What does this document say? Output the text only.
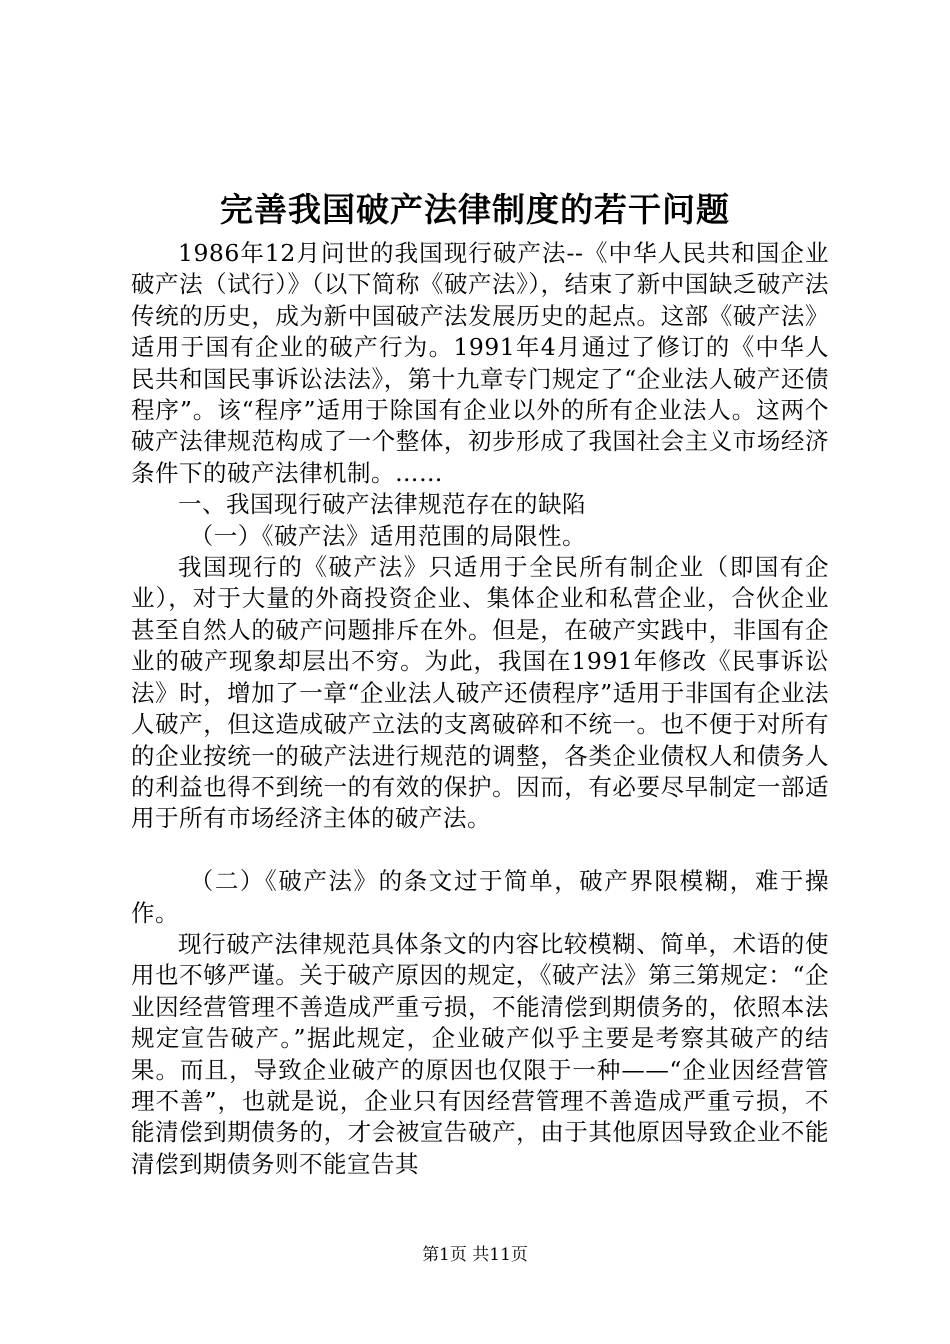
完善我国破产法律制度的若干问题

1986年12月问世的我国现行破产法--《中华人民共和国企业破产法（试行）》（以下简称《破产法》），结束了新中国缺乏破产法传统的历史，成为新中国破产法发展历史的起点。这部《破产法》适用于国有企业的破产行为。1991年4月通过了修订的《中华人民共和国民事诉讼法法》，第十九章专门规定了“企业法人破产还债程序”。该“程序”适用于除国有企业以外的所有企业法人。这两个破产法律规范构成了一个整体，初步形成了我国社会主义市场经济条件下的破产法律机制。……

一、我国现行破产法律规范存在的缺陷

（一）《破产法》适用范围的局限性。

我国现行的《破产法》只适用于全民所有制企业（即国有企业），对于大量的外商投资企业、集体企业和私营企业，合伙企业甚至自然人的破产问题排斥在外。但是，在破产实践中，非国有企业的破产现象却层出不穷。为此，我国在1991年修改《民事诉讼法》时，增加了一章“企业法人破产还债程序”适用于非国有企业法人破产，但这造成破产立法的支离破碎和不统一。也不便于对所有的企业按统一的破产法进行规范的调整，各类企业债权人和债务人的利益也得不到统一的有效的保护。因而，有必要尽早制定一部适用于所有市场经济主体的破产法。

（二）《破产法》的条文过于简单，破产界限模糊，难于操作。

现行破产法律规范具体条文的内容比较模糊、简单，术语的使用也不够严谨。关于破产原因的规定，《破产法》第三第规定：“企业因经营管理不善造成严重亏损，不能清偿到期债务的，依照本法规定宣告破产。”据此规定，企业破产似乎主要是考察其破产的结果。而且，导致企业破产的原因也仅限于一种——“企业因经营管理不善”，也就是说，企业只有因经营管理不善造成严重亏损，不能清偿到期债务的，才会被宣告破产，由于其他原因导致企业不能清偿到期债务则不能宣告其

第1页 共11页
